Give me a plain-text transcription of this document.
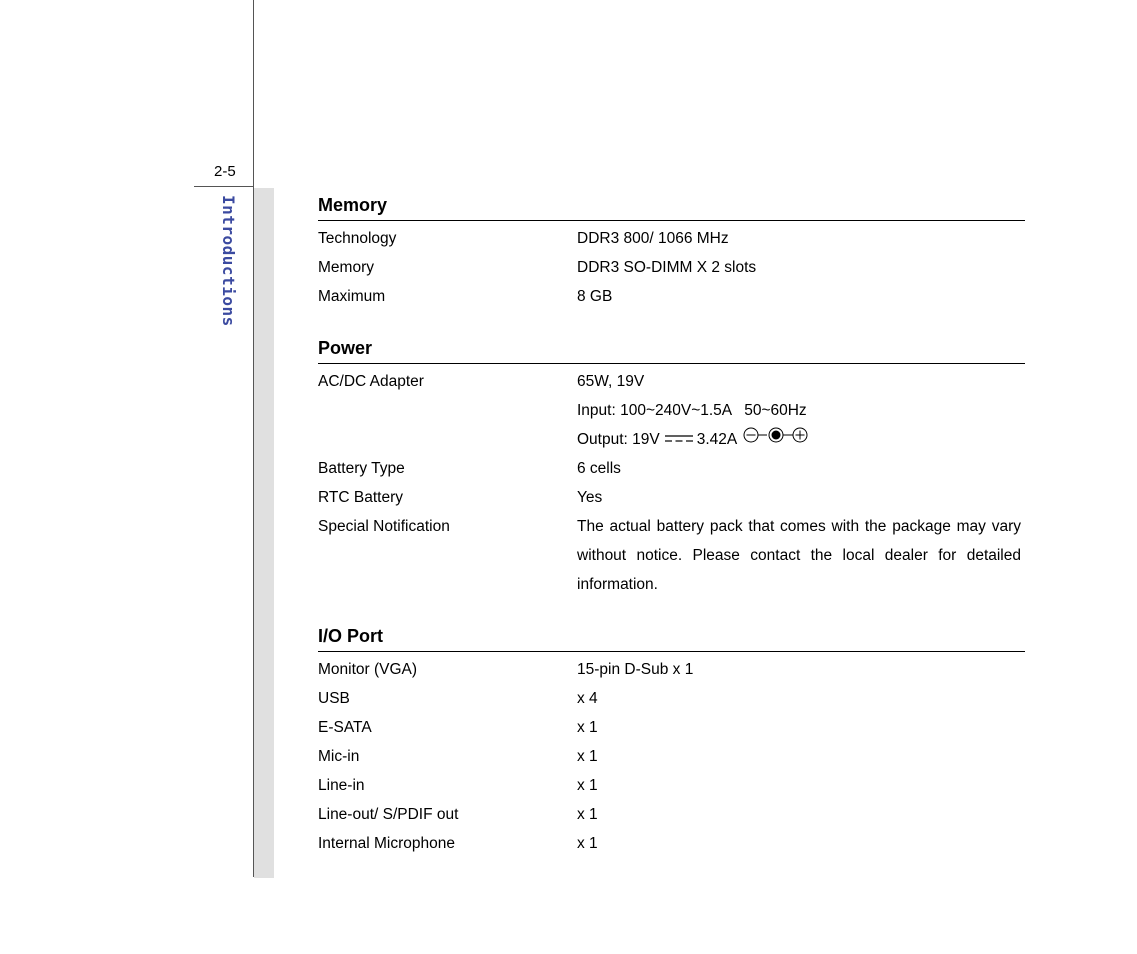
2-5
Introductions	Memory
Technology	DDR3 800/ 1066 MHz
Memory	DDR3 SO-DIMM X 2 slots
Maximum	8 GB
Power
AC/DC Adapter	65W, 19V
Input: 100~240V~1.5A   50~60Hz
Output: 19V 3.42A
Battery Type	6 cells
RTC Battery	Yes
Special Notification	The actual battery pack that comes with the package may vary without notice. Please contact the local dealer for detailed information.
I/O Port
Monitor (VGA)	15-pin D-Sub x 1
USB	x 4
E-SATA	x 1
Mic-in	x 1
Line-in	x 1
Line-out/ S/PDIF out	x 1
Internal Microphone	x 1
